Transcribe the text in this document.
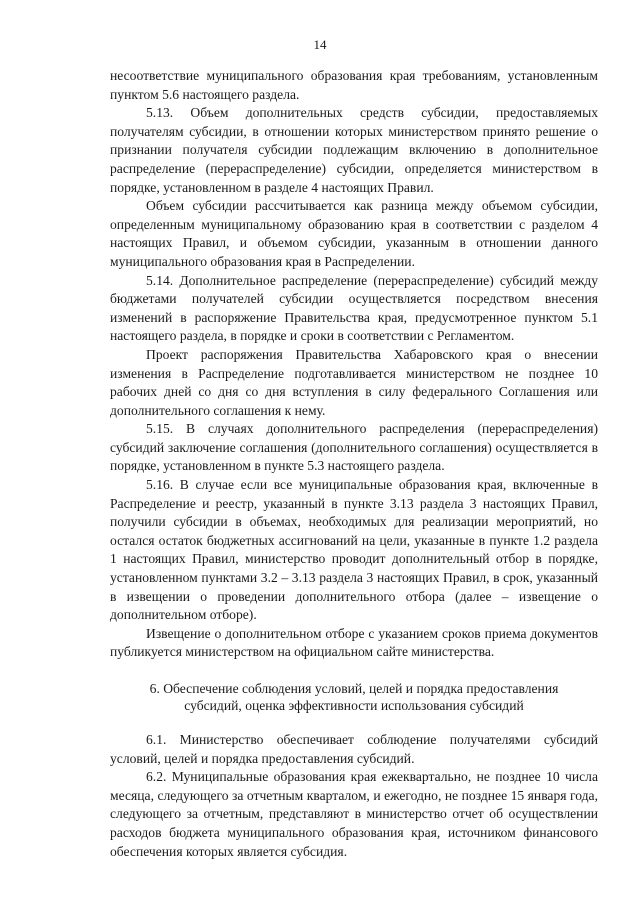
14

несоответствие муниципального образования края требованиям, установленным пунктом 5.6 настоящего раздела.

5.13. Объем дополнительных средств субсидии, предоставляемых получателям субсидии, в отношении которых министерством принято решение о признании получателя субсидии подлежащим включению в дополнительное распределение (перераспределение) субсидии, определяется министерством в порядке, установленном в разделе 4 настоящих Правил.

Объем субсидии рассчитывается как разница между объемом субсидии, определенным муниципальному образованию края в соответствии с разделом 4 настоящих Правил, и объемом субсидии, указанным в отношении данного муниципального образования края в Распределении.

5.14. Дополнительное распределение (перераспределение) субсидий между бюджетами получателей субсидии осуществляется посредством внесения изменений в распоряжение Правительства края, предусмотренное пунктом 5.1 настоящего раздела, в порядке и сроки в соответствии с Регламентом.

Проект распоряжения Правительства Хабаровского края о внесении изменения в Распределение подготавливается министерством не позднее 10 рабочих дней со дня со дня вступления в силу федерального Соглашения или дополнительного соглашения к нему.

5.15. В случаях дополнительного распределения (перераспределения) субсидий заключение соглашения (дополнительного соглашения) осуществляется в порядке, установленном в пункте 5.3 настоящего раздела.

5.16. В случае если все муниципальные образования края, включенные в Распределение и реестр, указанный в пункте 3.13 раздела 3 настоящих Правил, получили субсидии в объемах, необходимых для реализации мероприятий, но остался остаток бюджетных ассигнований на цели, указанные в пункте 1.2 раздела 1 настоящих Правил, министерство проводит дополнительный отбор в порядке, установленном пунктами 3.2 – 3.13 раздела 3 настоящих Правил, в срок, указанный в извещении о проведении дополнительного отбора (далее – извещение о дополнительном отборе).

Извещение о дополнительном отборе с указанием сроков приема документов публикуется министерством на официальном сайте министерства.

6. Обеспечение соблюдения условий, целей и порядка предоставления
субсидий, оценка эффективности использования субсидий

6.1. Министерство обеспечивает соблюдение получателями субсидий условий, целей и порядка предоставления субсидий.

6.2. Муниципальные образования края ежеквартально, не позднее 10 числа месяца, следующего за отчетным кварталом, и ежегодно, не позднее 15 января года, следующего за отчетным, представляют в министерство отчет об осуществлении расходов бюджета муниципального образования края, источником финансового обеспечения которых является субсидия.
